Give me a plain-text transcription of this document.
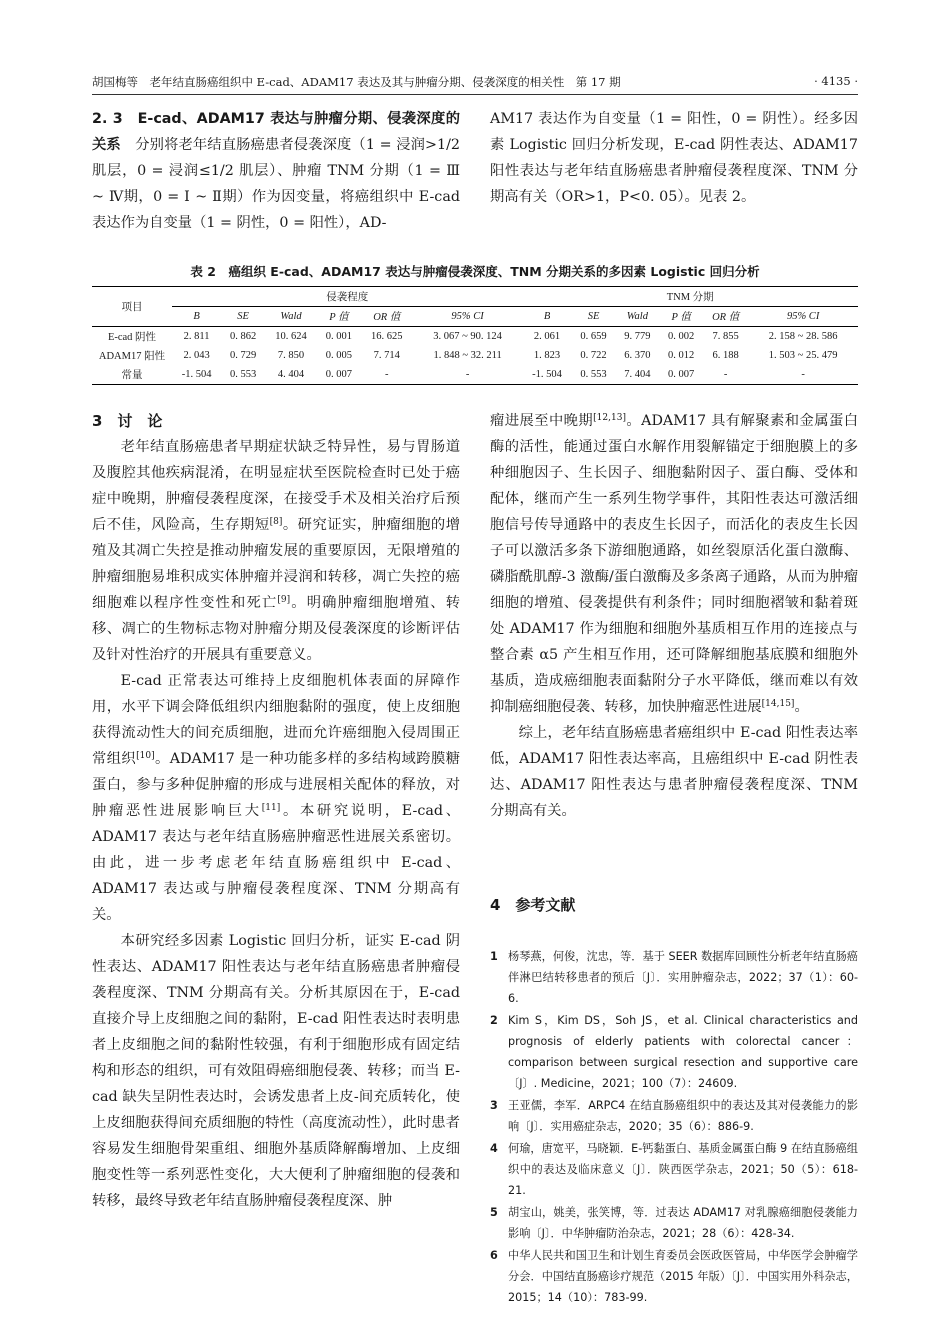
胡国梅等　老年结直肠癌组织中 E-cad、ADAM17 表达及其与肿瘤分期、侵袭深度的相关性　第 17 期	· 4135 ·

2. 3　E-cad、ADAM17 表达与肿瘤分期、侵袭深度的关系　 分别将老年结直肠癌患者侵袭深度（1 = 浸润>1/2 肌层，0 = 浸润≤1/2 肌层）、肿瘤 TNM 分期（1 = Ⅲ ~ Ⅳ期，0 = Ⅰ ~ Ⅱ期）作为因变量，将癌组织中 E-cad 表达作为自变量（1 = 阴性，0 = 阳性），AD-

AM17 表达作为自变量（1 = 阳性，0 = 阴性）。经多因素 Logistic 回归分析发现，E-cad 阴性表达、ADAM17 阳性表达与老年结直肠癌患者肿瘤侵袭程度深、TNM 分期高有关（OR>1，P<0. 05）。见表 2。

表 2　癌组织 E-cad、ADAM17 表达与肿瘤侵袭深度、TNM 分期关系的多因素 Logistic 回归分析
项目	侵袭程度						TNM 分期					
	B	SE	Wald	P 值	OR 值	95% CI	B	SE	Wald	P 值	OR 值	95% CI
E-cad 阴性	2. 811	0. 862	10. 624	0. 001	16. 625	3. 067 ~ 90. 124	2. 061	0. 659	9. 779	0. 002	7. 855	2. 158 ~ 28. 586
ADAM17 阳性	2. 043	0. 729	7. 850	0. 005	7. 714	1. 848 ~ 32. 211	1. 823	0. 722	6. 370	0. 012	6. 188	1. 503 ~ 25. 479
常量	-1. 504	0. 553	4. 404	0. 007	-	-	-1. 504	0. 553	7. 404	0. 007	-	-
3　讨　论

老年结直肠癌患者早期症状缺乏特异性，易与胃肠道及腹腔其他疾病混淆，在明显症状至医院检查时已处于癌症中晚期，肿瘤侵袭程度深，在接受手术及相关治疗后预后不佳，风险高，生存期短[8]。研究证实，肿瘤细胞的增殖及其凋亡失控是推动肿瘤发展的重要原因，无限增殖的肿瘤细胞易堆积成实体肿瘤并浸润和转移，凋亡失控的癌细胞难以程序性变性和死亡[9]。明确肿瘤细胞增殖、转移、凋亡的生物标志物对肿瘤分期及侵袭深度的诊断评估及针对性治疗的开展具有重要意义。

E-cad 正常表达可维持上皮细胞机体表面的屏障作用，水平下调会降低组织内细胞黏附的强度，使上皮细胞获得流动性大的间充质细胞，进而允许癌细胞入侵周围正常组织[10]。ADAM17 是一种功能多样的多结构域跨膜糖蛋白，参与多种促肿瘤的形成与进展相关配体的释放，对肿瘤恶性进展影响巨大[11]。本研究说明，E-cad、ADAM17 表达与老年结直肠癌肿瘤恶性进展关系密切。由此，进一步考虑老年结直肠癌组织中 E-cad、ADAM17 表达或与肿瘤侵袭程度深、TNM 分期高有关。

本研究经多因素 Logistic 回归分析，证实 E-cad 阴性表达、ADAM17 阳性表达与老年结直肠癌患者肿瘤侵袭程度深、TNM 分期高有关。分析其原因在于，E-cad 直接介导上皮细胞之间的黏附，E-cad 阳性表达时表明患者上皮细胞之间的黏附性较强，有利于细胞形成有固定结构和形态的组织，可有效阻碍癌细胞侵袭、转移；而当 E-cad 缺失呈阴性表达时，会诱发患者上皮-间充质转化，使上皮细胞获得间充质细胞的特性（高度流动性），此时患者容易发生细胞骨架重组、细胞外基质降解酶增加、上皮细胞变性等一系列恶性变化，大大便利了肿瘤细胞的侵袭和转移，最终导致老年结直肠肿瘤侵袭程度深、肿

瘤进展至中晚期[12,13]。ADAM17 具有解聚素和金属蛋白酶的活性，能通过蛋白水解作用裂解锚定于细胞膜上的多种细胞因子、生长因子、细胞黏附因子、蛋白酶、受体和配体，继而产生一系列生物学事件，其阳性表达可激活细胞信号传导通路中的表皮生长因子，而活化的表皮生长因子可以激活多条下游细胞通路，如丝裂原活化蛋白激酶、磷脂酰肌醇-3 激酶/蛋白激酶及多条离子通路，从而为肿瘤细胞的增殖、侵袭提供有利条件；同时细胞褶皱和黏着斑处 ADAM17 作为细胞和细胞外基质相互作用的连接点与整合素 α5 产生相互作用，还可降解细胞基底膜和细胞外基质，造成癌细胞表面黏附分子水平降低，继而难以有效抑制癌细胞侵袭、转移，加快肿瘤恶性进展[14,15]。

综上，老年结直肠癌患者癌组织中 E-cad 阳性表达率低，ADAM17 阳性表达率高，且癌组织中 E-cad 阴性表达、ADAM17 阳性表达与患者肿瘤侵袭程度深、TNM 分期高有关。

4　参考文献
1 杨琴燕，何俊，沈忠，等．基于 SEER 数据库回顾性分析老年结直肠癌伴淋巴结转移患者的预后〔J〕．实用肿瘤杂志，2022；37（1）：60-6.
2 Kim S，Kim DS，Soh JS，et al. Clinical characteristics and prognosis of elderly patients with colorectal cancer：comparison between surgical resection and supportive care〔J〕. Medicine，2021；100（7）：24609.
3 王亚儒，李军．ARPC4 在结直肠癌组织中的表达及其对侵袭能力的影响〔J〕．实用癌症杂志，2020；35（6）：886-9.
4 何瑜，唐宽平，马晓颖．E-钙黏蛋白、基质金属蛋白酶 9 在结直肠癌组织中的表达及临床意义〔J〕．陕西医学杂志，2021；50（5）：618-21.
5 胡宝山，姚美，张笑博，等．过表达 ADAM17 对乳腺癌细胞侵袭能力影响〔J〕．中华肿瘤防治杂志，2021；28（6）：428-34.
6 中华人民共和国卫生和计划生育委员会医政医管局，中华医学会肿瘤学分会．中国结直肠癌诊疗规范（2015 年版）〔J〕．中国实用外科杂志，2015；14（10）：783-99.
